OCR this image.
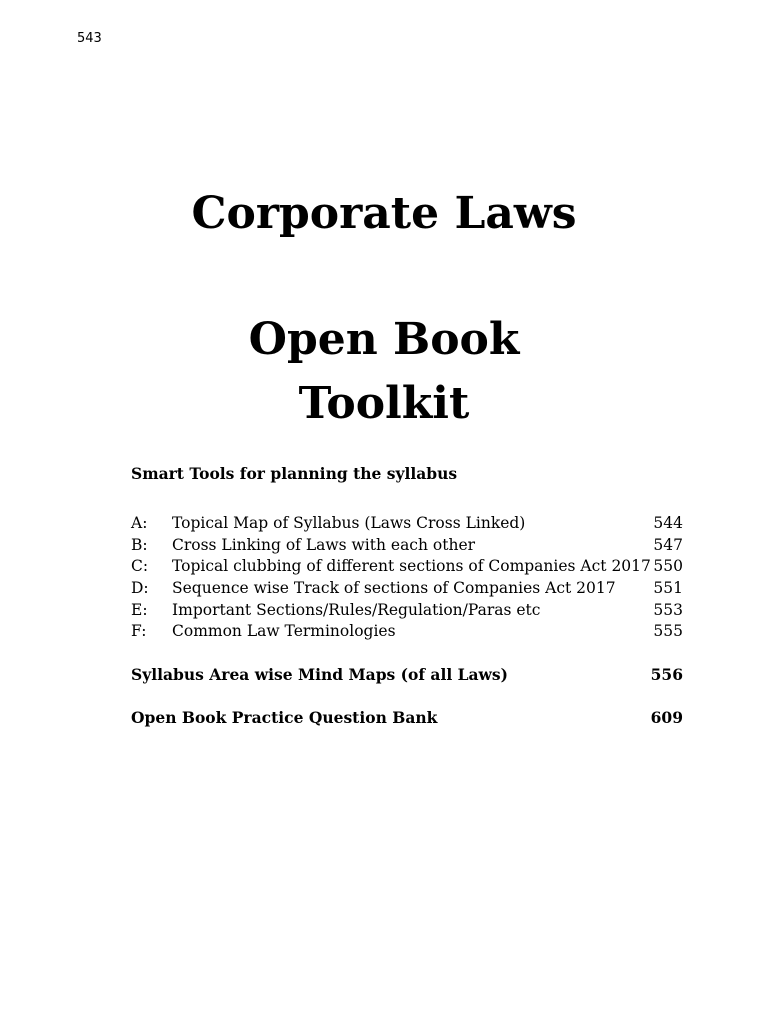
543
Corporate Laws
Open Book
Toolkit
Smart Tools for planning the syllabus
A: Topical Map of Syllabus (Laws Cross Linked)	544
B: Cross Linking of Laws with each other	547
C: Topical clubbing of different sections of Companies Act 2017 550
D: Sequence wise Track of sections of Companies Act 2017 551
E: Important Sections/Rules/Regulation/Paras etc	553
F: Common Law Terminologies	555
Syllabus Area wise Mind Maps (of all Laws)	556
Open Book Practice Question Bank	609
